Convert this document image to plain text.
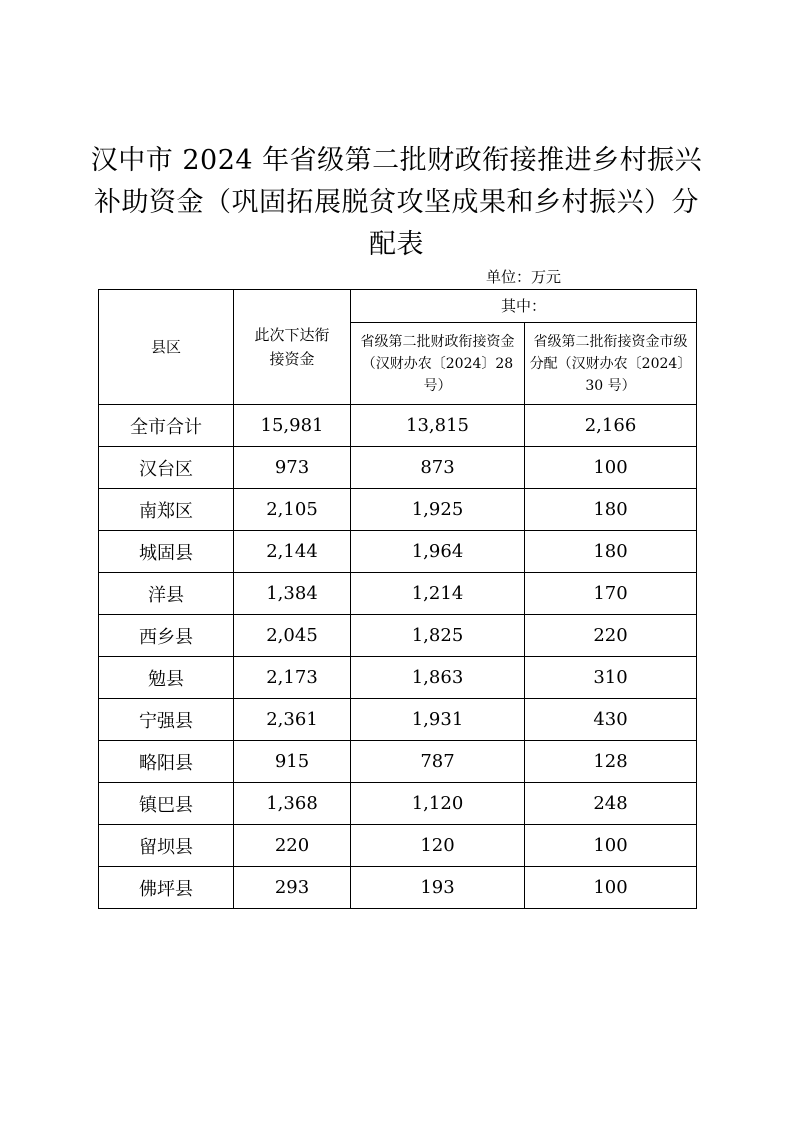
汉中市 2024 年省级第二批财政衔接推进乡村振兴补助资金（巩固拓展脱贫攻坚成果和乡村振兴）分配表
单位：万元
县区	此次下达衔接资金	其中：	
		省级第二批财政衔接资金（汉财办农〔2024〕28 号）	省级第二批衔接资金市级分配（汉财办农〔2024〕30 号）
全市合计	15,981	13,815	2,166
汉台区	973	873	100
南郑区	2,105	1,925	180
城固县	2,144	1,964	180
洋县	1,384	1,214	170
西乡县	2,045	1,825	220
勉县	2,173	1,863	310
宁强县	2,361	1,931	430
略阳县	915	787	128
镇巴县	1,368	1,120	248
留坝县	220	120	100
佛坪县	293	193	100
